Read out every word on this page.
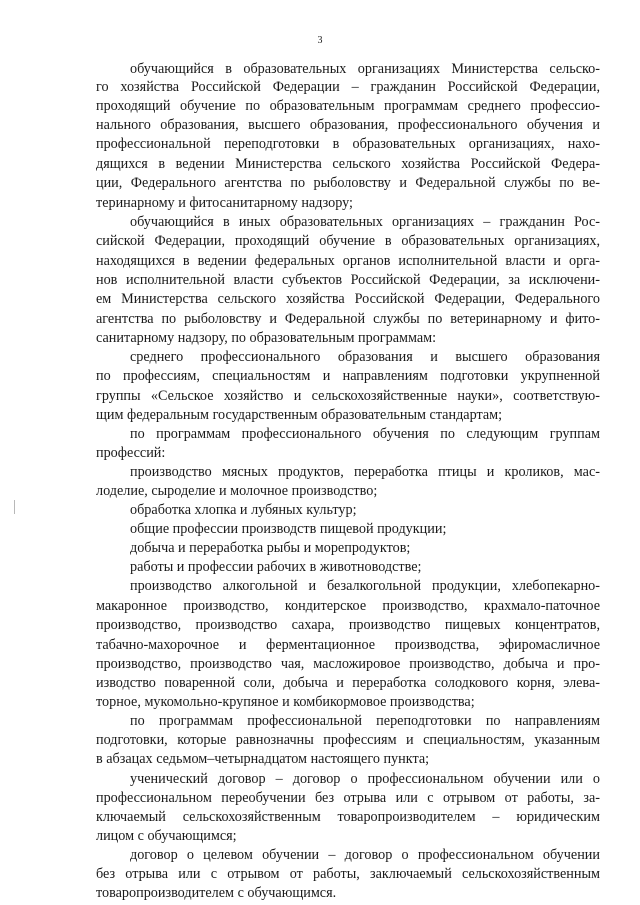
3
обучающийся в образовательных организациях Министерства сельско-
го хозяйства Российской Федерации – гражданин Российской Федерации,
проходящий обучение по образовательным программам среднего профессио-
нального образования, высшего образования, профессионального обучения и
профессиональной переподготовки в образовательных организациях, нахо-
дящихся в ведении Министерства сельского хозяйства Российской Федера-
ции, Федерального агентства по рыболовству и Федеральной службы по ве-
теринарному и фитосанитарному надзору;
обучающийся в иных образовательных организациях – гражданин Рос-
сийской Федерации, проходящий обучение в образовательных организациях,
находящихся в ведении федеральных органов исполнительной власти и орга-
нов исполнительной власти субъектов Российской Федерации, за исключени-
ем Министерства сельского хозяйства Российской Федерации, Федерального
агентства по рыболовству и Федеральной службы по ветеринарному и фито-
санитарному надзору, по образовательным программам:
среднего профессионального образования и высшего образования
по профессиям, специальностям и направлениям подготовки укрупненной
группы «Сельское хозяйство и сельскохозяйственные науки», соответствую-
щим федеральным государственным образовательным стандартам;
по программам профессионального обучения по следующим группам
профессий:
производство мясных продуктов, переработка птицы и кроликов, мас-
лоделие, сыроделие и молочное производство;
обработка хлопка и лубяных культур;
общие профессии производств пищевой продукции;
добыча и переработка рыбы и морепродуктов;
работы и профессии рабочих в животноводстве;
производство алкогольной и безалкогольной продукции, хлебопекарно-
макаронное производство, кондитерское производство, крахмало-паточное
производство, производство сахара, производство пищевых концентратов,
табачно-махорочное и ферментационное производства, эфиромасличное
производство, производство чая, масложировое производство, добыча и про-
изводство поваренной соли, добыча и переработка солодкового корня, элева-
торное, мукомольно-крупяное и комбикормовое производства;
по программам профессиональной переподготовки по направлениям
подготовки, которые равнозначны профессиям и специальностям, указанным
в абзацах седьмом–четырнадцатом настоящего пункта;
ученический договор – договор о профессиональном обучении или о
профессиональном переобучении без отрыва или с отрывом от работы, за-
ключаемый сельскохозяйственным товаропроизводителем – юридическим
лицом с обучающимся;
договор о целевом обучении – договор о профессиональном обучении
без отрыва или с отрывом от работы, заключаемый сельскохозяйственным
товаропроизводителем с обучающимся.
